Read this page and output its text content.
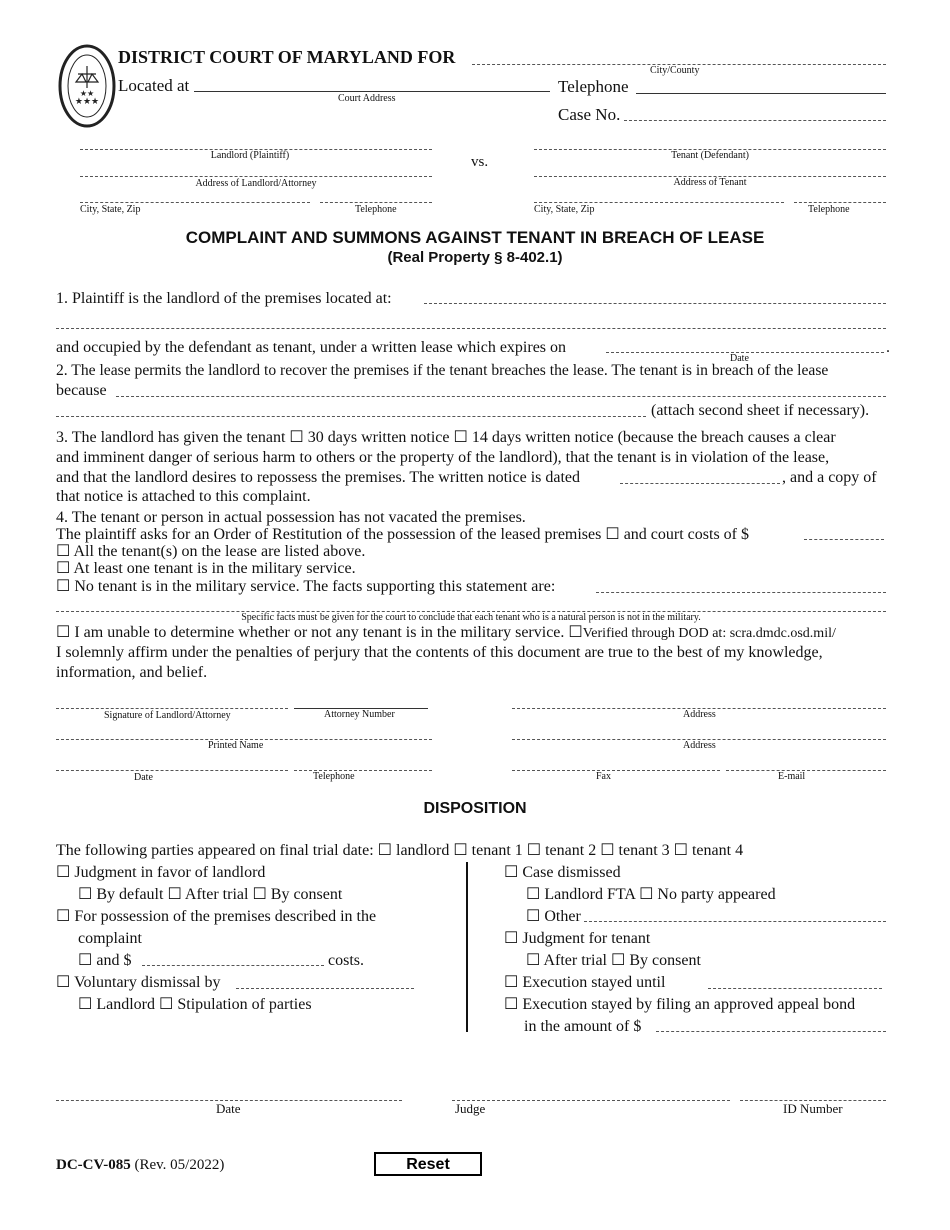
★★★
★★
DISTRICT COURT OF MARYLAND FOR
City/County
Located at
Court Address
Telephone
Case No.
Landlord (Plaintiff)
Address of Landlord/Attorney
City, State, Zip	Telephone
vs.	Tenant (Defendant)
Address of Tenant
City, State, Zip	Telephone
COMPLAINT AND SUMMONS AGAINST TENANT IN BREACH OF LEASE
(Real Property § 8-402.1)
1. Plaintiff is the landlord of the premises located at:
and occupied by the defendant as tenant, under a written lease which expires on	.
Date
2. The lease permits the landlord to recover the premises if the tenant breaches the lease. The tenant is in breach of the lease
because
(attach second sheet if necessary).
3. The landlord has given the tenant ☐ 30 days written notice ☐ 14 days written notice (because the breach causes a clear
and imminent danger of serious harm to others or the property of the landlord), that the tenant is in violation of the lease,
and that the landlord desires to repossess the premises. The written notice is dated	, and a copy of
that notice is attached to this complaint.
4. The tenant or person in actual possession has not vacated the premises.
The plaintiff asks for an Order of Restitution of the possession of the leased premises ☐ and court costs of $
☐ All the tenant(s) on the lease are listed above.
☐ At least one tenant is in the military service.
☐ No tenant is in the military service. The facts supporting this statement are:
Specific facts must be given for the court to conclude that each tenant who is a natural person is not in the military.
☐ I am unable to determine whether or not any tenant is in the military service. ☐ Verified through DOD at: scra.dmdc.osd.mil/
I solemnly affirm under the penalties of perjury that the contents of this document are true to the best of my knowledge,
information, and belief.
Signature of Landlord/Attorney	Attorney Number
Printed Name
Date	Telephone
Address
Address
Fax	E-mail
DISPOSITION
The following parties appeared on final trial date: ☐ landlord ☐ tenant 1 ☐ tenant 2 ☐ tenant 3 ☐ tenant 4
☐ Judgment in favor of landlord
☐ By default ☐ After trial ☐ By consent
☐ For possession of the premises described in the
complaint
☐ and $	costs.
☐ Voluntary dismissal by
☐ Landlord ☐ Stipulation of parties
☐ Case dismissed
☐ Landlord FTA ☐ No party appeared
☐ Other
☐ Judgment for tenant
☐ After trial ☐ By consent
☐ Execution stayed until
☐ Execution stayed by filing an approved appeal bond
in the amount of $
Date	Judge	ID Number
DC-CV-085 (Rev. 05/2022)	Reset
